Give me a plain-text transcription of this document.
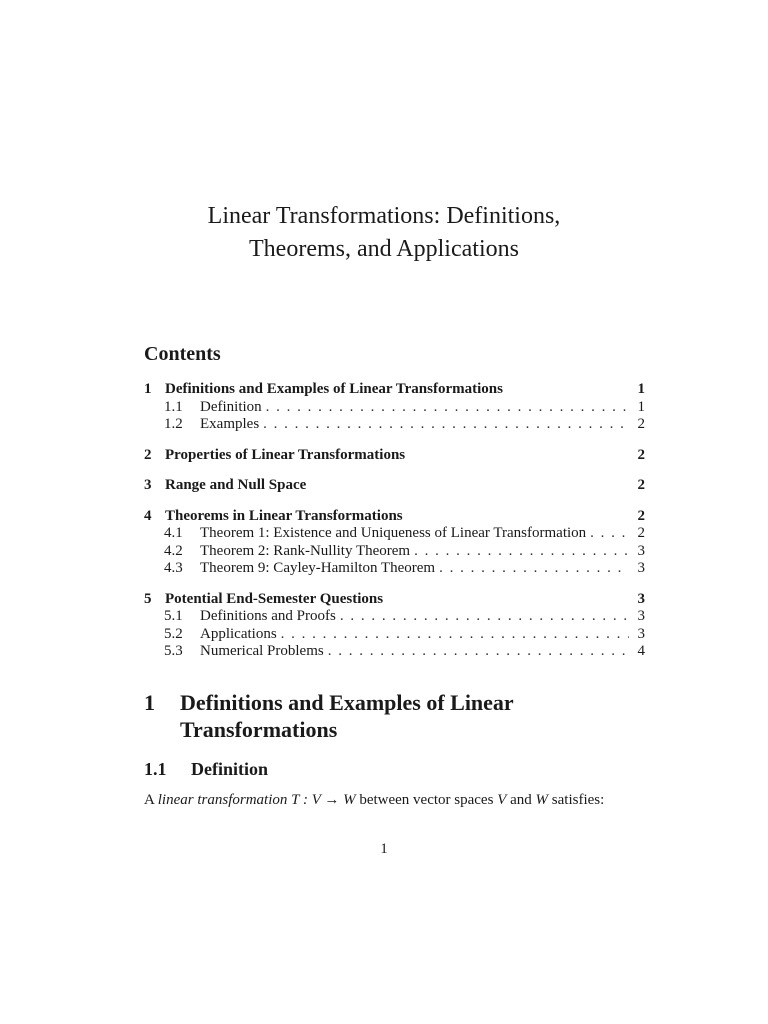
Linear Transformations: Definitions,
Theorems, and Applications
Contents
1 Definitions and Examples of Linear Transformations	1
1.1	Definition . . .	1
1.2	Examples . . .	2
2 Properties of Linear Transformations	2
3 Range and Null Space	2
4 Theorems in Linear Transformations	2
4.1	Theorem 1: Existence and Uniqueness of Linear Transformation . . .	2
4.2	Theorem 2: Rank-Nullity Theorem . . .	3
4.3	Theorem 9: Cayley-Hamilton Theorem . . .	3
5 Potential End-Semester Questions	3
5.1	Definitions and Proofs . . .	3
5.2	Applications . . .	3
5.3	Numerical Problems . . .	4
1 Definitions and Examples of Linear Transformations
1.1 Definition
A linear transformation T : V → W between vector spaces V and W satisfies:
1
